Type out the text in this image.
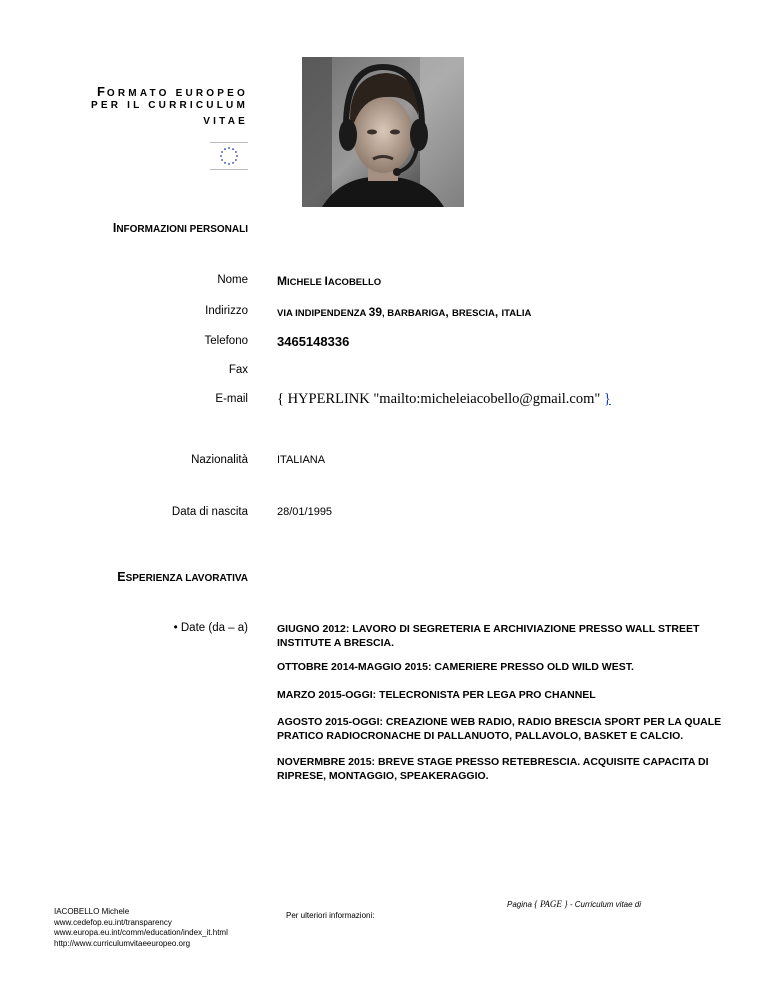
FORMATO EUROPEO
PER IL CURRICULUM
VITAE
INFORMAZIONI PERSONALI
Nome MICHELE IACOBELLO
Indirizzo	VIA INDIPENDENZA 39, BARBARIGA, BRESCIA, ITALIA
Telefono 3465148336
Fax
E-mail { HYPERLINK "mailto:micheleiacobello@gmail.com" }
Nazionalità	ITALIANA
Data di nascita	28/01/1995
ESPERIENZA LAVORATIVA
• Date (da – a)	GIUGNO 2012: LAVORO DI SEGRETERIA E ARCHIVIAZIONE PRESSO WALL STREET INSTITUTE A BRESCIA.
OTTOBRE 2014-MAGGIO 2015: CAMERIERE PRESSO OLD WILD WEST.
MARZO 2015-OGGI: TELECRONISTA PER LEGA PRO CHANNEL
AGOSTO 2015-OGGI: CREAZIONE WEB RADIO, RADIO BRESCIA SPORT PER LA QUALE PRATICO RADIOCRONACHE DI PALLANUOTO, PALLAVOLO, BASKET E CALCIO.
NOVERMBRE 2015: BREVE STAGE PRESSO RETEBRESCIA. ACQUISITE CAPACITA DI RIPRESE, MONTAGGIO, SPEAKERAGGIO.
Pagina { PAGE } - Curriculum vitae di
IACOBELLO Michele
www.cedefop.eu.int/transparency
www.europa.eu.int/comm/education/index_it.html
http://www.curriculumvitaeeuropeo.org
Per ulteriori informazioni:
